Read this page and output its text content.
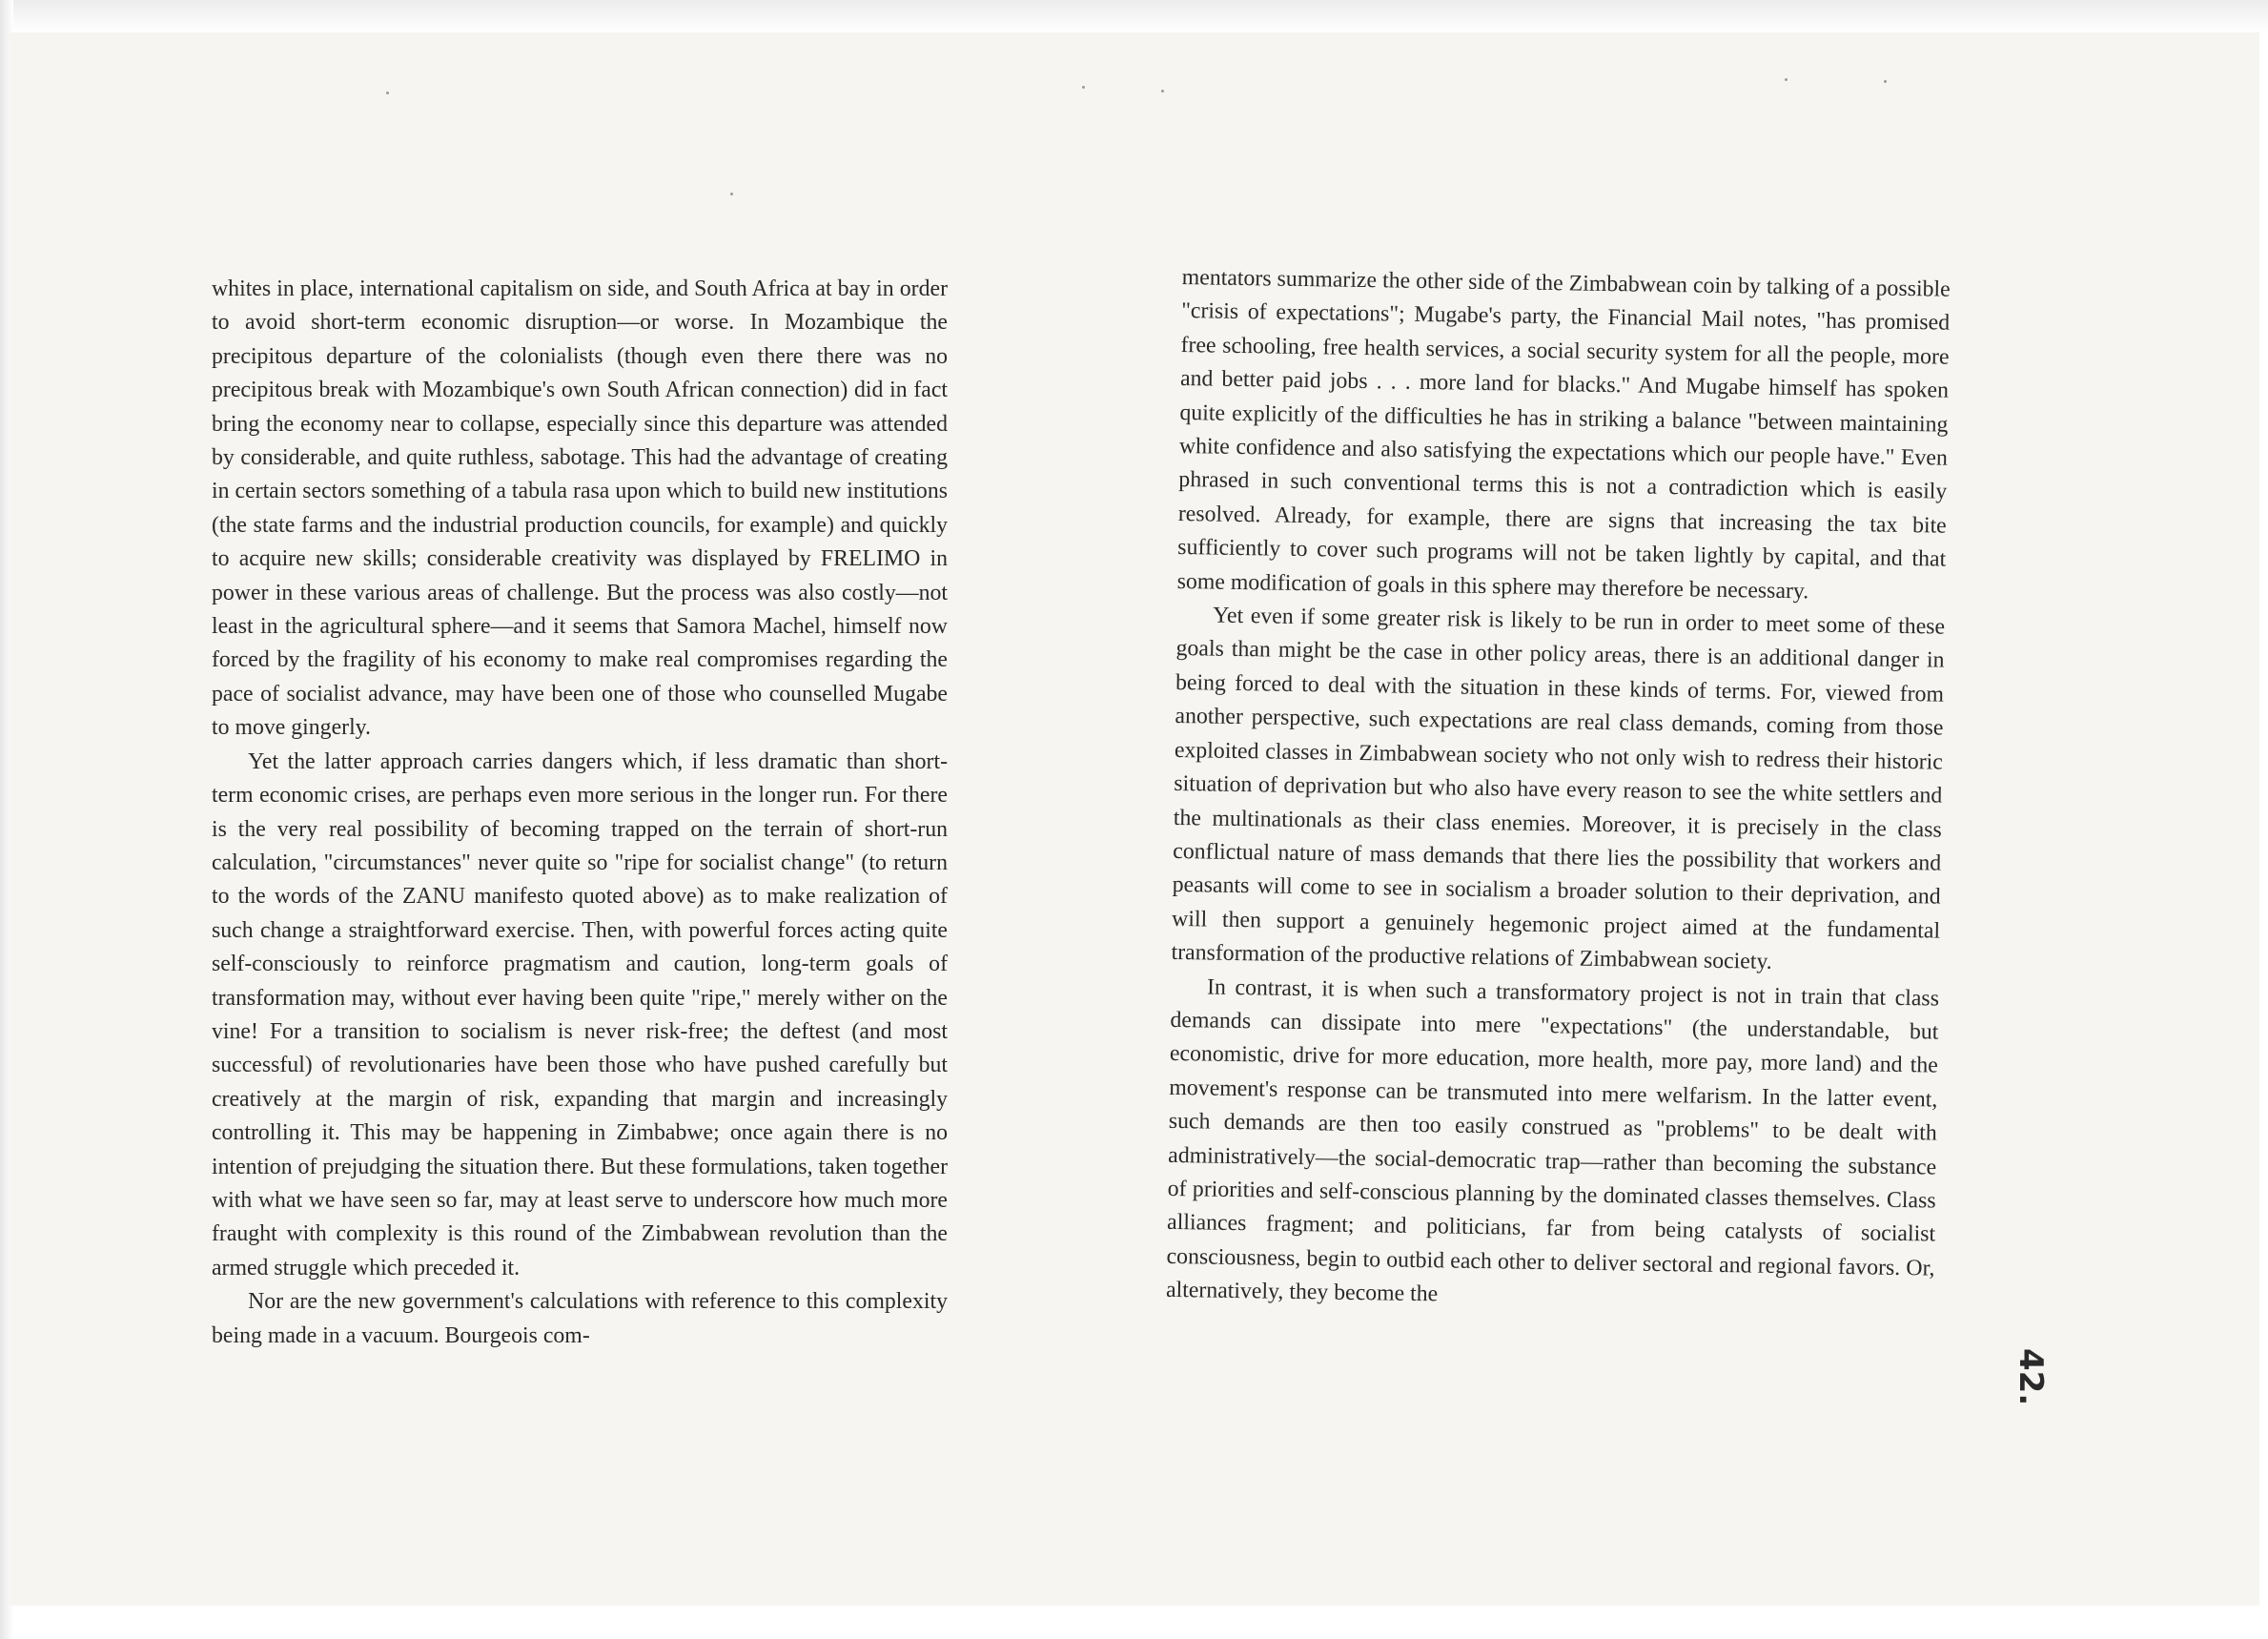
whites in place, international capitalism on side, and South Africa at bay in order to avoid short-term economic disruption—or worse. In Mozambique the precipitous departure of the colonialists (though even there there was no precipitous break with Mozambique's own South African connection) did in fact bring the economy near to collapse, especially since this departure was attended by considerable, and quite ruthless, sabotage. This had the advantage of creating in certain sectors something of a tabula rasa upon which to build new institutions (the state farms and the industrial production councils, for example) and quickly to acquire new skills; considerable creativity was displayed by FRELIMO in power in these various areas of challenge. But the process was also costly—not least in the agricultural sphere—and it seems that Samora Machel, himself now forced by the fragility of his economy to make real compromises regarding the pace of socialist advance, may have been one of those who counselled Mugabe to move gingerly.

Yet the latter approach carries dangers which, if less dramatic than short-term economic crises, are perhaps even more serious in the longer run. For there is the very real possibility of becoming trapped on the terrain of short-run calculation, "circumstances" never quite so "ripe for socialist change" (to return to the words of the ZANU manifesto quoted above) as to make realization of such change a straightforward exercise. Then, with powerful forces acting quite self-consciously to reinforce pragmatism and caution, long-term goals of transformation may, without ever having been quite "ripe," merely wither on the vine! For a transition to socialism is never risk-free; the deftest (and most successful) of revolutionaries have been those who have pushed carefully but creatively at the margin of risk, expanding that margin and increasingly controlling it. This may be happening in Zimbabwe; once again there is no intention of prejudging the situation there. But these formulations, taken together with what we have seen so far, may at least serve to underscore how much more fraught with complexity is this round of the Zimbabwean revolution than the armed struggle which preceded it.

Nor are the new government's calculations with reference to this complexity being made in a vacuum. Bourgeois com-

mentators summarize the other side of the Zimbabwean coin by talking of a possible "crisis of expectations"; Mugabe's party, the Financial Mail notes, "has promised free schooling, free health services, a social security system for all the people, more and better paid jobs . . . more land for blacks." And Mugabe himself has spoken quite explicitly of the difficulties he has in striking a balance "between maintaining white confidence and also satisfying the expectations which our people have." Even phrased in such conventional terms this is not a contradiction which is easily resolved. Already, for example, there are signs that increasing the tax bite sufficiently to cover such programs will not be taken lightly by capital, and that some modification of goals in this sphere may therefore be necessary.

Yet even if some greater risk is likely to be run in order to meet some of these goals than might be the case in other policy areas, there is an additional danger in being forced to deal with the situation in these kinds of terms. For, viewed from another perspective, such expectations are real class demands, coming from those exploited classes in Zimbabwean society who not only wish to redress their historic situation of deprivation but who also have every reason to see the white settlers and the multinationals as their class enemies. Moreover, it is precisely in the class conflictual nature of mass demands that there lies the possibility that workers and peasants will come to see in socialism a broader solution to their deprivation, and will then support a genuinely hegemonic project aimed at the fundamental transformation of the productive relations of Zimbabwean society.

In contrast, it is when such a transformatory project is not in train that class demands can dissipate into mere "expectations" (the understandable, but economistic, drive for more education, more health, more pay, more land) and the movement's response can be transmuted into mere welfarism. In the latter event, such demands are then too easily construed as "problems" to be dealt with administratively—the social-democratic trap—rather than becoming the substance of priorities and self-conscious planning by the dominated classes themselves. Class alliances fragment; and politicians, far from being catalysts of socialist consciousness, begin to outbid each other to deliver sectoral and regional favors. Or, alternatively, they become the

42.
